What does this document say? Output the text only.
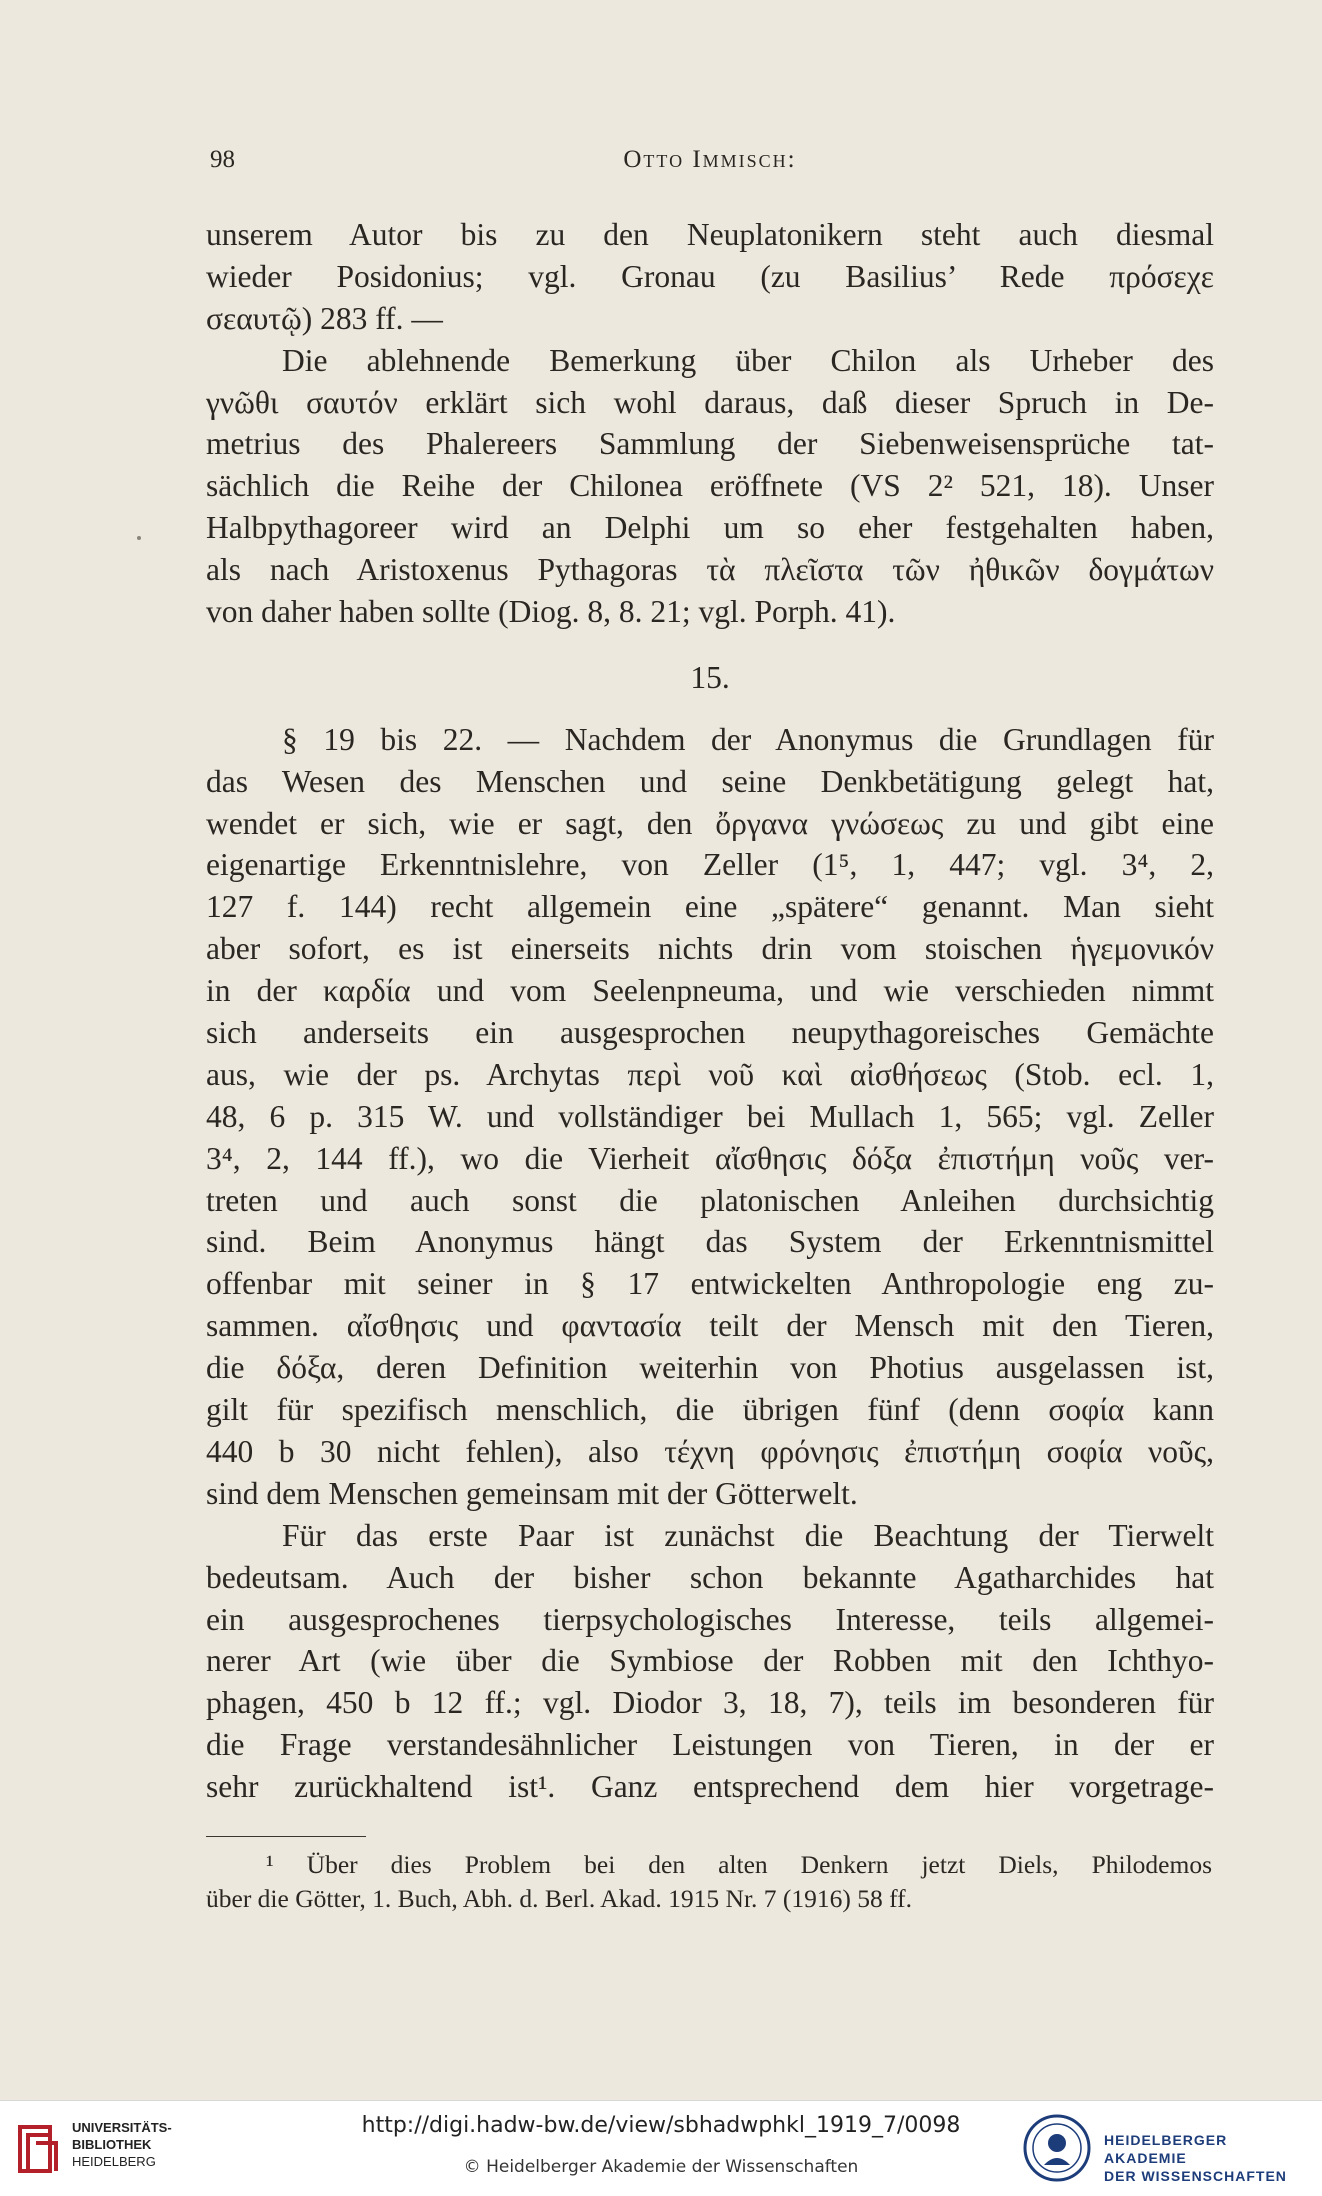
98	Otto Immisch:
unserem Autor bis zu den Neuplatonikern steht auch diesmal
wieder Posidonius; vgl. Gronau (zu Basilius’ Rede πρόσεχε
σεαυτῷ) 283 ff. —
Die ablehnende Bemerkung über Chilon als Urheber des
γνῶθι σαυτόν erklärt sich wohl daraus, daß dieser Spruch in De-
metrius des Phalereers Sammlung der Siebenweisensprüche tat-
sächlich die Reihe der Chilonea eröffnete (VS 2² 521, 18). Unser
Halbpythagoreer wird an Delphi um so eher festgehalten haben,
als nach Aristoxenus Pythagoras τὰ πλεῖστα τῶν ἠθικῶν δογμάτων
von daher haben sollte (Diog. 8, 8. 21; vgl. Porph. 41).
15.
§ 19 bis 22. — Nachdem der Anonymus die Grundlagen für
das Wesen des Menschen und seine Denkbetätigung gelegt hat,
wendet er sich, wie er sagt, den ὄργανα γνώσεως zu und gibt eine
eigenartige Erkenntnislehre, von Zeller (1⁵, 1, 447; vgl. 3⁴, 2,
127 f. 144) recht allgemein eine „spätere“ genannt. Man sieht
aber sofort, es ist einerseits nichts drin vom stoischen ἡγεμονικόν
in der καρδία und vom Seelenpneuma, und wie verschieden nimmt
sich anderseits ein ausgesprochen neupythagoreisches Gemächte
aus, wie der ps. Archytas περὶ νοῦ καὶ αἰσθήσεως (Stob. ecl. 1,
48, 6 p. 315 W. und vollständiger bei Mullach 1, 565; vgl. Zeller
3⁴, 2, 144 ff.), wo die Vierheit αἴσθησις δόξα ἐπιστήμη νοῦς ver-
treten und auch sonst die platonischen Anleihen durchsichtig
sind. Beim Anonymus hängt das System der Erkenntnismittel
offenbar mit seiner in § 17 entwickelten Anthropologie eng zu-
sammen. αἴσθησις und φαντασία teilt der Mensch mit den Tieren,
die δόξα, deren Definition weiterhin von Photius ausgelassen ist,
gilt für spezifisch menschlich, die übrigen fünf (denn σοφία kann
440 b 30 nicht fehlen), also τέχνη φρόνησις ἐπιστήμη σοφία νοῦς,
sind dem Menschen gemeinsam mit der Götterwelt.
Für das erste Paar ist zunächst die Beachtung der Tierwelt
bedeutsam. Auch der bisher schon bekannte Agatharchides hat
ein ausgesprochenes tierpsychologisches Interesse, teils allgemei-
nerer Art (wie über die Symbiose der Robben mit den Ichthyo-
phagen, 450 b 12 ff.; vgl. Diodor 3, 18, 7), teils im besonderen für
die Frage verstandesähnlicher Leistungen von Tieren, in der er
sehr zurückhaltend ist¹. Ganz entsprechend dem hier vorgetrage-
¹ Über dies Problem bei den alten Denkern jetzt Diels, Philodemos
über die Götter, 1. Buch, Abh. d. Berl. Akad. 1915 Nr. 7 (1916) 58 ff.
UNIVERSITÄTS-
BIBLIOTHEK
HEIDELBERG
http://digi.hadw-bw.de/view/sbhadwphkl_1919_7/0098
© Heidelberger Akademie der Wissenschaften
HEIDELBERGER AKADEMIE
DER WISSENSCHAFTEN
